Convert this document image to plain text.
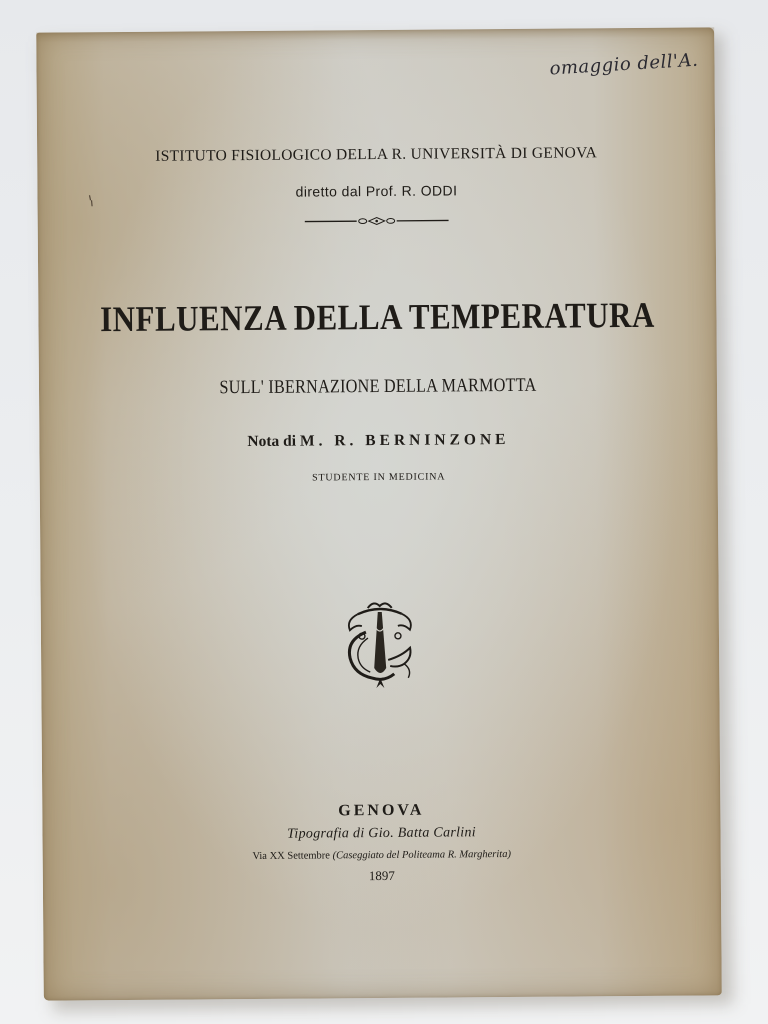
omaggio dell'A.
ISTITUTO FISIOLOGICO DELLA R. UNIVERSITÀ DI GENOVA
diretto dal Prof. R. ODDI
INFLUENZA DELLA TEMPERATURA
SULL' IBERNAZIONE DELLA MARMOTTA
Nota di M. R. BERNINZONE
STUDENTE IN MEDICINA
GENOVA
Tipografia di Gio. Batta Carlini
Via XX Settembre (Caseggiato del Politeama R. Margherita)
1897
